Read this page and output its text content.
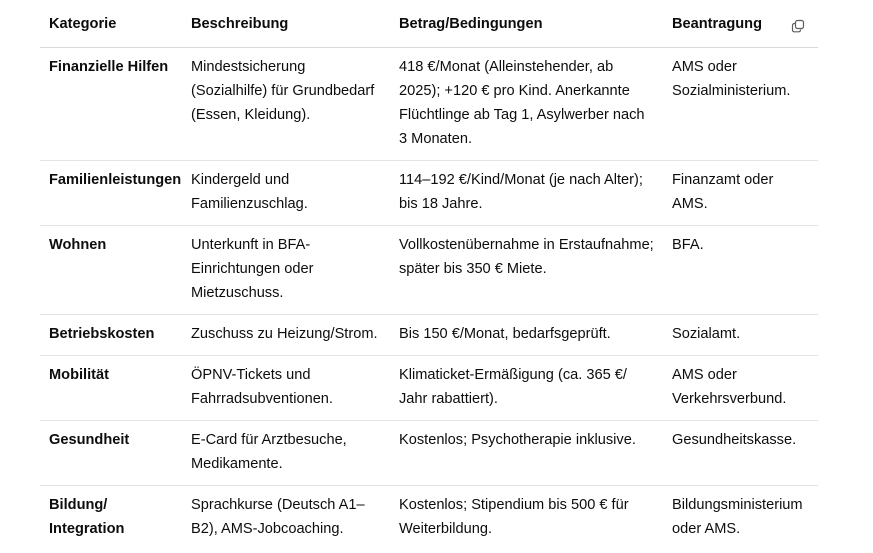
Kategorie	Beschreibung	Betrag/Bedingungen	Beantragung

Finanzielle Hilfen	Mindestsicherung (Sozialhilfe) für Grundbedarf (Essen, Kleidung).	418 €/Monat (Alleinstehender, ab 2025); +120 € pro Kind. Anerkannte Flüchtlinge ab Tag 1, Asylwerber nach 3 Monaten.	AMS oder Sozialministerium.
Familienleistungen	Kindergeld und Familienzuschlag.	114–192 €/Kind/Monat (je nach Alter); bis 18 Jahre.	Finanzamt oder AMS.
Wohnen	Unterkunft in BFA-Einrichtungen oder Mietzuschuss.	Vollkostenübernahme in Erstaufnahme; später bis 350 € Miete.	BFA.
Betriebskosten	Zuschuss zu Heizung/Strom.	Bis 150 €/Monat, bedarfsgeprüft.	Sozialamt.
Mobilität	ÖPNV-Tickets und Fahrradsubventionen.	Klimaticket-Ermäßigung (ca. 365 €/ Jahr rabattiert).	AMS oder Verkehrsverbund.
Gesundheit	E-Card für Arztbesuche, Medikamente.	Kostenlos; Psychotherapie inklusive.	Gesundheitskasse.
Bildung/ Integration	Sprachkurse (Deutsch A1–B2), AMS-Jobcoaching.	Kostenlos; Stipendium bis 500 € für Weiterbildung.	Bildungsministerium oder AMS.
